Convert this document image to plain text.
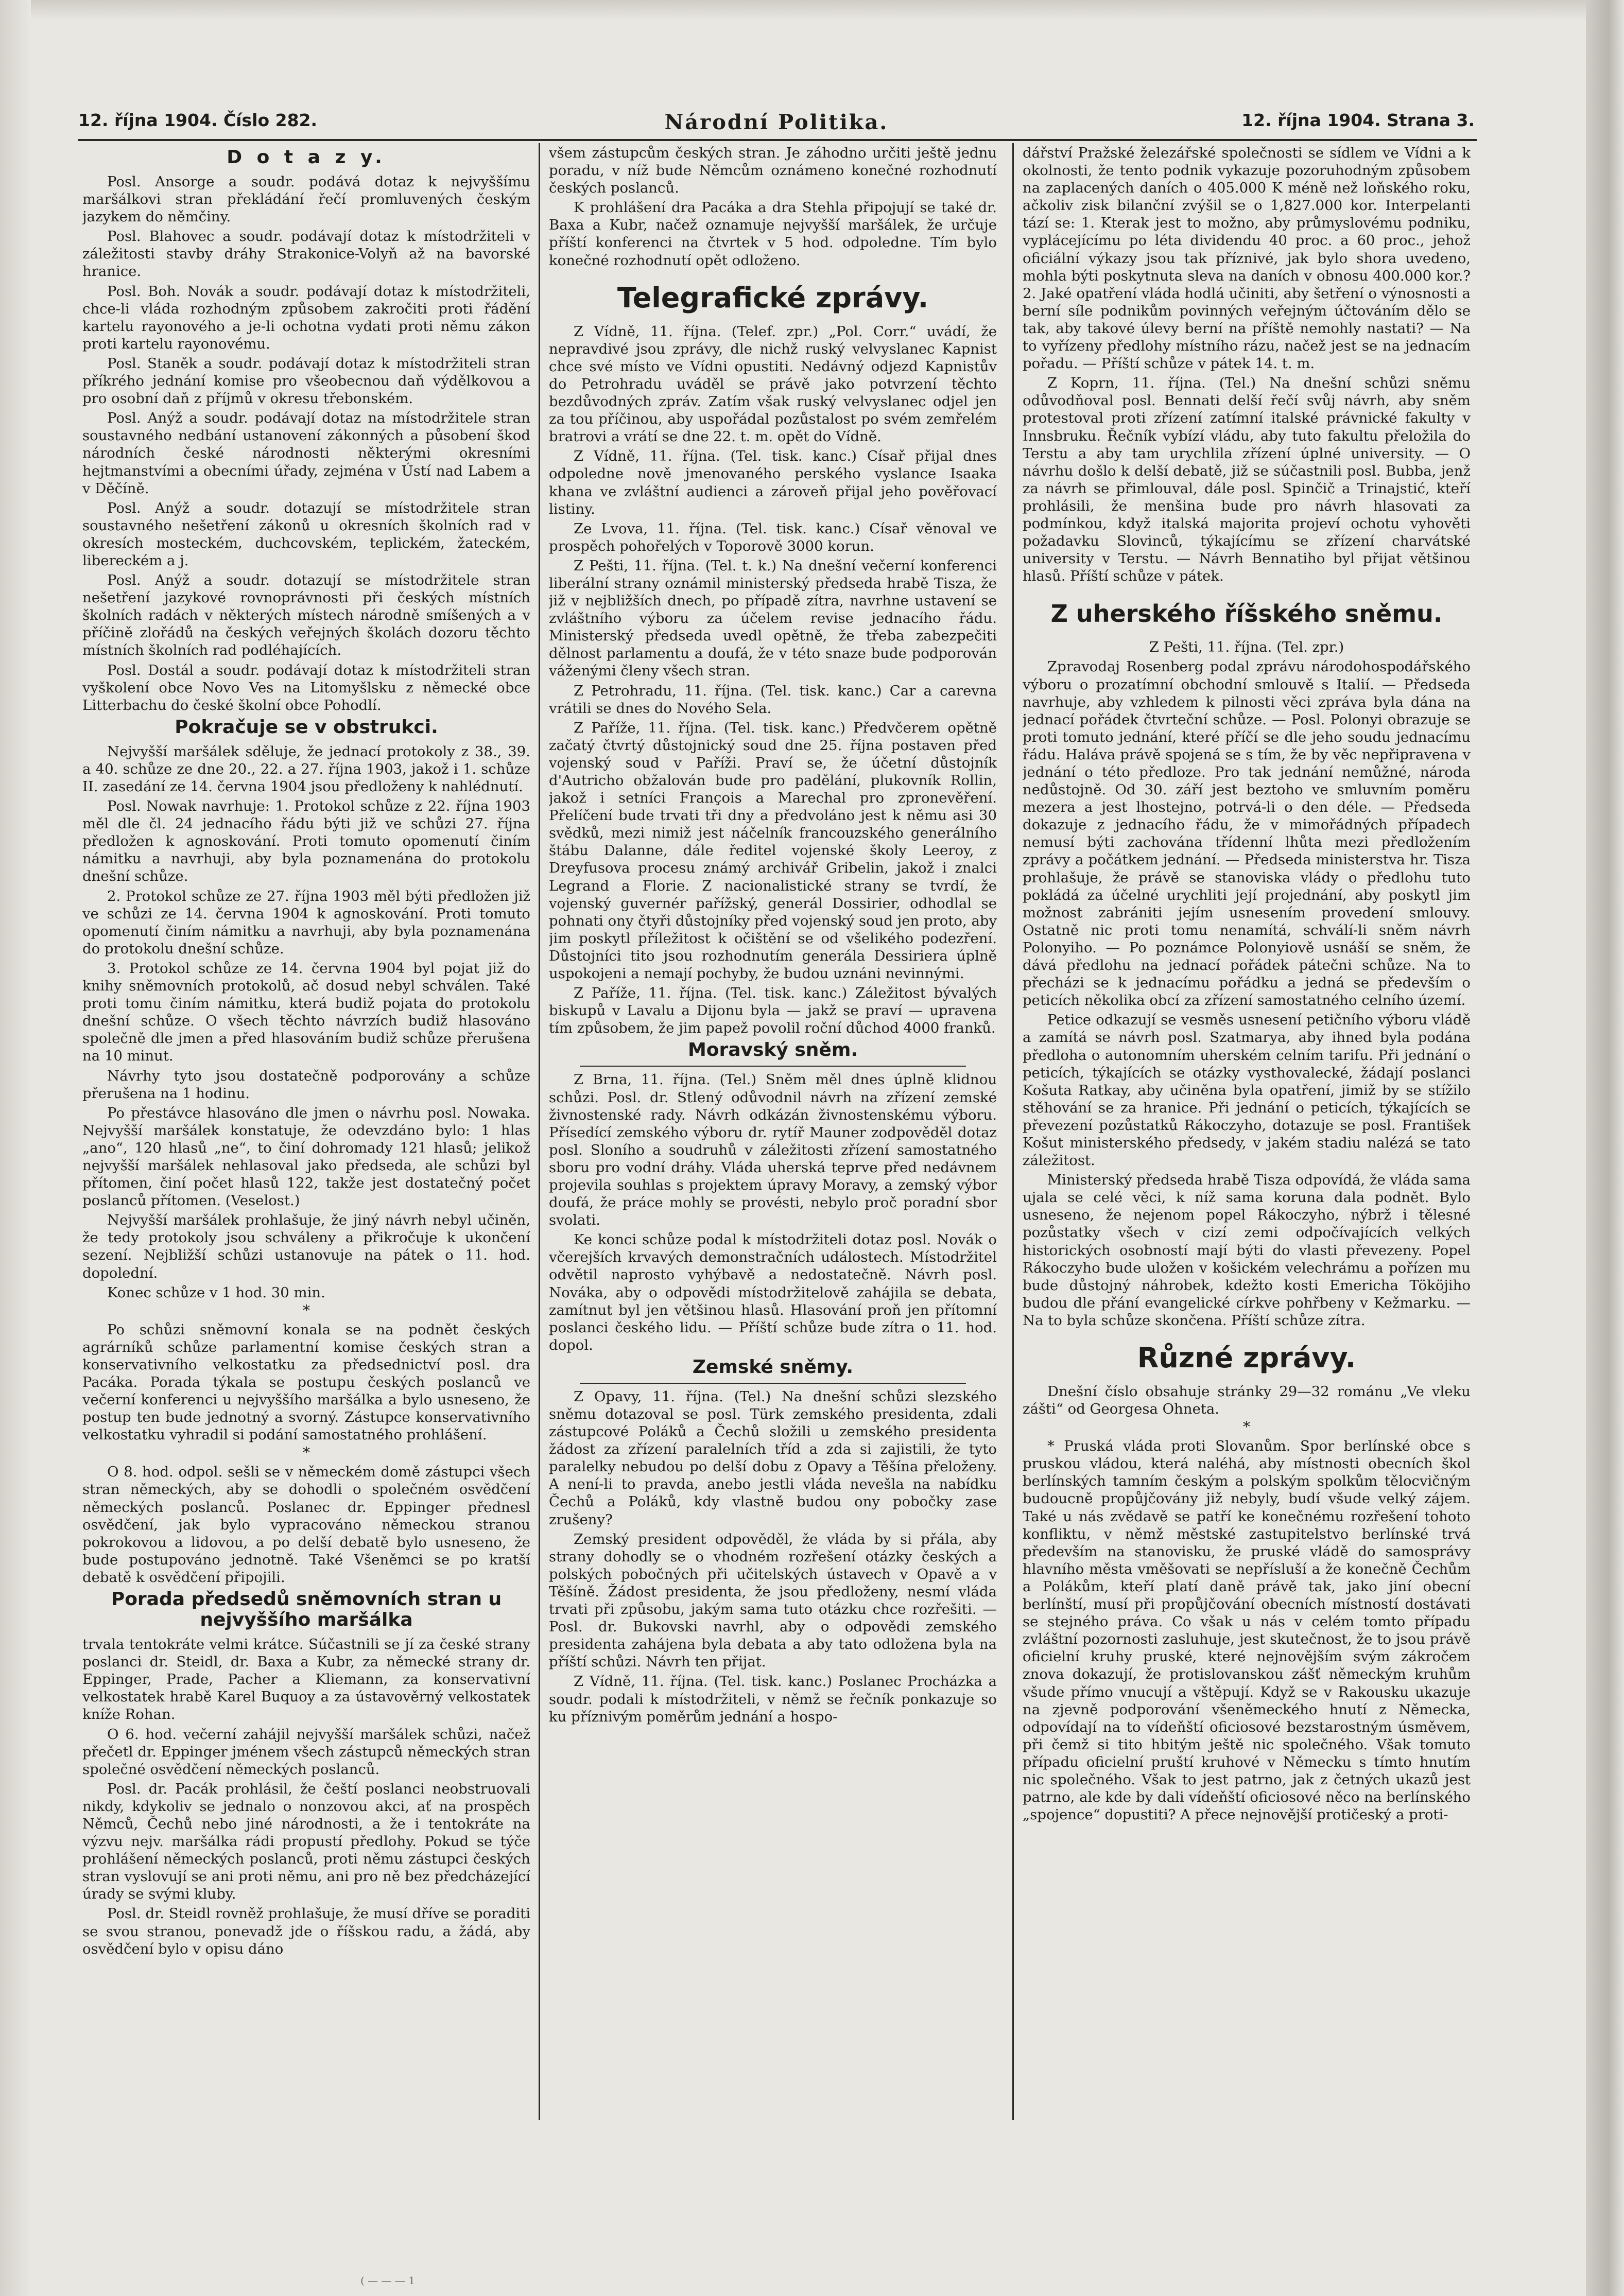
12. října 1904. Číslo 282.	Národní Politika.	12. října 1904. Strana 3.
D o t a z y.

Posl. Ansorge a soudr. podává dotaz k nejvyššímu maršálkovi stran překládání řečí promluvených českým jazykem do němčiny.

Posl. Blahovec a soudr. podávají dotaz k místodržiteli v záležitosti stavby dráhy Strakonice-Volyň až na bavorské hranice.

Posl. Boh. Novák a soudr. podávají dotaz k místodržiteli, chce-li vláda rozhodným způsobem zakročiti proti řádění kartelu rayonového a je-li ochotna vydati proti němu zákon proti kartelu rayonovému.

Posl. Staněk a soudr. podávají dotaz k místodržiteli stran příkrého jednání komise pro všeobecnou daň výdělkovou a pro osobní daň z příjmů v okresu třebonském.

Posl. Anýž a soudr. podávají dotaz na místodržitele stran soustavného nedbání ustanovení zákonných a působení škod národních české národnosti některými okresními hejtmanstvími a obecními úřady, zejména v Ústí nad Labem a v Děčíně.

Posl. Anýž a soudr. dotazují se místodržitele stran soustavného nešetření zákonů u okresních školních rad v okresích mosteckém, duchcovském, teplickém, žateckém, libereckém a j.

Posl. Anýž a soudr. dotazují se místodržitele stran nešetření jazykové rovnoprávnosti při českých místních školních radách v některých místech národně smíšených a v příčině zlořádů na českých veřejných školách dozoru těchto místních školních rad podléhajících.

Posl. Dostál a soudr. podávají dotaz k místodržiteli stran vyškolení obce Novo Ves na Litomyšlsku z německé obce Litterbachu do české školní obce Pohodlí.

Pokračuje se v obstrukci.

Nejvyšší maršálek sděluje, že jednací protokoly z 38., 39. a 40. schůze ze dne 20., 22. a 27. října 1903, jakož i 1. schůze II. zasedání ze 14. června 1904 jsou předloženy k nahlédnutí.

Posl. Nowak navrhuje: 1. Protokol schůze z 22. října 1903 měl dle čl. 24 jednacího řádu býti již ve schůzi 27. října předložen k agnoskování. Proti tomuto opomenutí činím námitku a navrhuji, aby byla poznamenána do protokolu dnešní schůze.

2. Protokol schůze ze 27. října 1903 měl býti předložen již ve schůzi ze 14. června 1904 k agnoskování. Proti tomuto opomenutí činím námitku a navrhuji, aby byla poznamenána do protokolu dnešní schůze.

3. Protokol schůze ze 14. června 1904 byl pojat již do knihy sněmovních protokolů, ač dosud nebyl schválen. Také proti tomu činím námitku, která budiž pojata do protokolu dnešní schůze. O všech těchto návrzích budiž hlasováno společně dle jmen a před hlasováním budiž schůze přerušena na 10 minut.

Návrhy tyto jsou dostatečně podporovány a schůze přerušena na 1 hodinu.

Po přestávce hlasováno dle jmen o návrhu posl. Nowaka. Nejvyšší maršálek konstatuje, že odevzdáno bylo: 1 hlas „ano“, 120 hlasů „ne“, to činí dohromady 121 hlasů; jelikož nejvyšší maršálek nehlasoval jako předseda, ale schůzi byl přítomen, činí počet hlasů 122, takže jest dostatečný počet poslanců přítomen. (Veselost.)

Nejvyšší maršálek prohlašuje, že jiný návrh nebyl učiněn, že tedy protokoly jsou schváleny a přikročuje k ukončení sezení. Nejbližší schůzi ustanovuje na pátek o 11. hod. dopolední.

Konec schůze v 1 hod. 30 min.

*

Po schůzi sněmovní konala se na podnět českých agrárníků schůze parlamentní komise českých stran a konservativního velkostatku za předsednictví posl. dra Pacáka. Porada týkala se postupu českých poslanců ve večerní konferenci u nejvyššího maršálka a bylo usneseno, že postup ten bude jednotný a svorný. Zástupce konservativního velkostatku vyhradil si podání samostatného prohlášení.

*

O 8. hod. odpol. sešli se v německém domě zástupci všech stran německých, aby se dohodli o společném osvědčení německých poslanců. Poslanec dr. Eppinger přednesl osvědčení, jak bylo vypracováno německou stranou pokrokovou a lidovou, a po delší debatě bylo usneseno, že bude postupováno jednotně. Také Všeněmci se po kratší debatě k osvědčení připojili.

Porada předsedů sněmovních stran u nejvyššího maršálka

trvala tentokráte velmi krátce. Súčastnili se jí za české strany poslanci dr. Steidl, dr. Baxa a Kubr, za německé strany dr. Eppinger, Prade, Pacher a Kliemann, za konservativní velkostatek hrabě Karel Buquoy a za ústavověrný velkostatek kníže Rohan.

O 6. hod. večerní zahájil nejvyšší maršálek schůzi, načež přečetl dr. Eppinger jménem všech zástupců německých stran společné osvědčení německých poslanců.

Posl. dr. Pacák prohlásil, že čeští poslanci neobstruovali nikdy, kdykoliv se jednalo o nonzovou akci, ať na prospěch Němců, Čechů nebo jiné národnosti, a že i tentokráte na výzvu nejv. maršálka rádi propustí předlohy. Pokud se týče prohlášení německých poslanců, proti němu zástupci českých stran vyslovují se ani proti němu, ani pro ně bez předcházející úrady se svými kluby.

Posl. dr. Steidl rovněž prohlašuje, že musí dříve se poraditi se svou stranou, ponevadž jde o říšskou radu, a žádá, aby osvědčení bylo v opisu dáno

všem zástupcům českých stran. Je záhodno určiti ještě jednu poradu, v níž bude Němcům oznámeno konečné rozhodnutí českých poslanců.

K prohlášení dra Pacáka a dra Stehla připojují se také dr. Baxa a Kubr, načež oznamuje nejvyšší maršálek, že určuje příští konferenci na čtvrtek v 5 hod. odpoledne. Tím bylo konečné rozhodnutí opět odloženo.

Telegrafické zprávy.

Z Vídně, 11. října. (Telef. zpr.) „Pol. Corr.“ uvádí, že nepravdivé jsou zprávy, dle nichž ruský velvyslanec Kapnist chce své místo ve Vídni opustiti. Nedávný odjezd Kapnistův do Petrohradu uváděl se právě jako potvrzení těchto bezdůvodných zpráv. Zatím však ruský velvyslanec odjel jen za tou příčinou, aby uspořádal pozůstalost po svém zemřelém bratrovi a vrátí se dne 22. t. m. opět do Vídně.

Z Vídně, 11. října. (Tel. tisk. kanc.) Císař přijal dnes odpoledne nově jmenovaného perského vyslance Isaaka khana ve zvláštní audienci a zároveň přijal jeho pověřovací listiny.

Ze Lvova, 11. října. (Tel. tisk. kanc.) Císař věnoval ve prospěch pohořelých v Toporově 3000 korun.

Z Pešti, 11. října. (Tel. t. k.) Na dnešní večerní konferenci liberální strany oznámil ministerský předseda hrabě Tisza, že již v nejbližších dnech, po případě zítra, navrhne ustavení se zvláštního výboru za účelem revise jednacího řádu. Ministerský předseda uvedl opětně, že třeba zabezpečiti dělnost parlamentu a doufá, že v této snaze bude podporován váženými členy všech stran.

Z Petrohradu, 11. října. (Tel. tisk. kanc.) Car a carevna vrátili se dnes do Nového Sela.

Z Paříže, 11. října. (Tel. tisk. kanc.) Předvčerem opětně začatý čtvrtý důstojnický soud dne 25. října postaven před vojenský soud v Paříži. Praví se, že účetní důstojník d'Autricho obžalován bude pro padělání, plukovník Rollin, jakož i setníci François a Marechal pro zpronevěření. Přelíčení bude trvati tři dny a předvoláno jest k němu asi 30 svědků, mezi nimiž jest náčelník francouzského generálního štábu Dalanne, dále ředitel vojenské školy Leeroy, z Dreyfusova procesu známý archivář Gribelin, jakož i znalci Legrand a Florie. Z nacionalistické strany se tvrdí, že vojenský guvernér pařížský, generál Dossirier, odhodlal se pohnati ony čtyři důstojníky před vojenský soud jen proto, aby jim poskytl příležitost k očištění se od všelikého podezření. Důstojníci tito jsou rozhodnutím generála Dessiriera úplně uspokojeni a nemají pochyby, že budou uznáni nevinnými.

Z Paříže, 11. října. (Tel. tisk. kanc.) Záležitost bývalých biskupů v Lavalu a Dijonu byla — jakž se praví — upravena tím způsobem, že jim papež povolil roční důchod 4000 franků.

Moravský sněm.

Z Brna, 11. října. (Tel.) Sněm měl dnes úplně klidnou schůzi. Posl. dr. Stlený odůvodnil návrh na zřízení zemské živnostenské rady. Návrh odkázán živnostenskému výboru. Přísedící zemského výboru dr. rytíř Mauner zodpověděl dotaz posl. Sloního a soudruhů v záležitosti zřízení samostatného sboru pro vodní dráhy. Vláda uherská teprve před nedávnem projevila souhlas s projektem úpravy Moravy, a zemský výbor doufá, že práce mohly se provésti, nebylo proč poradní sbor svolati.

Ke konci schůze podal k místodržiteli dotaz posl. Novák o včerejších krvavých demonstračních událostech. Místodržitel odvětil naprosto vyhýbavě a nedostatečně. Návrh posl. Nováka, aby o odpovědi místodržitelově zahájila se debata, zamítnut byl jen většinou hlasů. Hlasování proň jen přítomní poslanci českého lidu. — Příští schůze bude zítra o 11. hod. dopol.

Zemské sněmy.

Z Opavy, 11. října. (Tel.) Na dnešní schůzi slezského sněmu dotazoval se posl. Türk zemského presidenta, zdali zástupcové Poláků a Čechů složili u zemského presidenta žádost za zřízení paralelních tříd a zda si zajistili, že tyto paralelky nebudou po delší dobu z Opavy a Těšína přeloženy. A není-li to pravda, anebo jestli vláda nevešla na nabídku Čechů a Poláků, kdy vlastně budou ony pobočky zase zrušeny?

Zemský president odpověděl, že vláda by si přála, aby strany dohodly se o vhodném rozřešení otázky českých a polských pobočných při učitelských ústavech v Opavě a v Těšíně. Žádost presidenta, že jsou předloženy, nesmí vláda trvati při způsobu, jakým sama tuto otázku chce rozřešiti. — Posl. dr. Bukovski navrhl, aby o odpovědi zemského presidenta zahájena byla debata a aby tato odložena byla na příští schůzi. Návrh ten přijat.

Z Vídně, 11. října. (Tel. tisk. kanc.) Poslanec Procházka a soudr. podali k místodržiteli, v němž se řečník ponkazuje so ku příznivým poměrům jednání a hospo-

dářství Pražské železářské společnosti se sídlem ve Vídni a k okolnosti, že tento podnik vykazuje pozoruhodným způsobem na zaplacených daních o 405.000 K méně než loňského roku, ačkoliv zisk bilanční zvýšil se o 1,827.000 kor. Interpelanti tází se: 1. Kterak jest to možno, aby průmyslovému podniku, vyplácejícímu po léta dividendu 40 proc. a 60 proc., jehož oficiální výkazy jsou tak příznivé, jak bylo shora uvedeno, mohla býti poskytnuta sleva na daních v obnosu 400.000 kor.? 2. Jaké opatření vláda hodlá učiniti, aby šetření o výnosnosti a berní síle podnikům povinných veřejným účtováním dělo se tak, aby takové úlevy berní na příště nemohly nastati? — Na to vyřízeny předlohy místního rázu, načež jest se na jednacím pořadu. — Příští schůze v pátek 14. t. m.

Z Koprn, 11. října. (Tel.) Na dnešní schůzi sněmu odůvodňoval posl. Bennati delší řečí svůj návrh, aby sněm protestoval proti zřízení zatímní italské právnické fakulty v Innsbruku. Řečník vybízí vládu, aby tuto fakultu přeložila do Terstu a aby tam urychlila zřízení úplné university. — O návrhu došlo k delší debatě, již se súčastnili posl. Bubba, jenž za návrh se přimlouval, dále posl. Spinčič a Trinajstić, kteří prohlásili, že menšina bude pro návrh hlasovati za podmínkou, když italská majorita projeví ochotu vyhověti požadavku Slovinců, týkajícímu se zřízení charvátské university v Terstu. — Návrh Bennatiho byl přijat většinou hlasů. Příští schůze v pátek.

Z uherského říšského sněmu.

Z Pešti, 11. října. (Tel. zpr.)

Zpravodaj Rosenberg podal zprávu národohospodářského výboru o prozatímní obchodní smlouvě s Italií. — Předseda navrhuje, aby vzhledem k pilnosti věci zpráva byla dána na jednací pořádek čtvrteční schůze. — Posl. Polonyi obrazuje se proti tomuto jednání, které příčí se dle jeho soudu jednacímu řádu. Haláva právě spojená se s tím, že by věc nepřipravena v jednání o této předloze. Pro tak jednání nemůžné, národa nedůstojně. Od 30. září jest beztoho ve smluvním poměru mezera a jest lhostejno, potrvá-li o den déle. — Předseda dokazuje z jednacího řádu, že v mimořádných případech nemusí býti zachována třídenní lhůta mezi předložením zprávy a počátkem jednání. — Předseda ministerstva hr. Tisza prohlašuje, že právě se stanoviska vlády o předlohu tuto pokládá za účelné urychliti její projednání, aby poskytl jim možnost zabrániti jejím usnesením provedení smlouvy. Ostatně nic proti tomu nenamítá, schválí-li sněm návrh Polonyiho. — Po poznámce Polonyiově usnáší se sněm, že dává předlohu na jednací pořádek pátečni schůze. Na to přecházi se k jednacímu pořádku a jedná se především o peticích několika obcí za zřízení samostatného celního území.

Petice odkazují se vesměs usnesení petičního výboru vládě a zamítá se návrh posl. Szatmarya, aby ihned byla podána předloha o autonomním uherském celním tarifu. Při jednání o peticích, týkajících se otázky vysthovalecké, žádají poslanci Košuta Ratkay, aby učiněna byla opatření, jimiž by se stížilo stěhování se za hranice. Při jednání o peticích, týkajících se převezení pozůstatků Rákoczyho, dotazuje se posl. František Košut ministerského předsedy, v jakém stadiu nalézá se tato záležitost.

Ministerský předseda hrabě Tisza odpovídá, že vláda sama ujala se celé věci, k níž sama koruna dala podnět. Bylo usneseno, že nejenom popel Rákoczyho, nýbrž i tělesné pozůstatky všech v cizí zemi odpočívajících velkých historických osobností mají býti do vlasti převezeny. Popel Rákoczyho bude uložen v košickém velechrámu a pořízen mu bude důstojný náhrobek, kdežto kosti Emericha Tököjiho budou dle přání evangelické církve pohřbeny v Kežmarku. — Na to byla schůze skončena. Příští schůze zítra.

Různé zprávy.

Dnešní číslo obsahuje stránky 29—32 románu „Ve vleku zášti“ od Georgesa Ohneta.

*

* Pruská vláda proti Slovanům. Spor berlínské obce s pruskou vládou, která naléhá, aby místnosti obecních škol berlínských tamním českým a polským spolkům tělocvičným budoucně propůjčovány již nebyly, budí všude velký zájem. Také u nás zvědavě se patří ke konečnému rozřešení tohoto konfliktu, v němž městské zastupitelstvo berlínské trvá především na stanovisku, že pruské vládě do samosprávy hlavního města vměšovati se nepřísluší a že konečně Čechům a Polákům, kteří platí daně právě tak, jako jiní obecní berlínští, musí při propůjčování obecních místností dostávati se stejného práva. Co však u nás v celém tomto případu zvláštní pozornosti zasluhuje, jest skutečnost, že to jsou právě oficielní kruhy pruské, které nejnovějším svým zákročem znova dokazují, že protislovanskou zášť německým kruhům všude přímo vnucují a vštěpují. Když se v Rakousku ukazuje na zjevně podporování všeněmeckého hnutí z Německa, odpovídají na to vídeňští oficiosové bezstarostným úsměvem, při čemž si tito hbitým ještě nic společného. Však tomuto případu oficielní pruští kruhové v Německu s tímto hnutím nic společného. Však to jest patrno, jak z četných ukazů jest patrno, ale kde by dali vídeňští oficiosové něco na berlínského „spojence“ dopustiti? A přece nejnovější protičeský a proti-

( — — — 1
